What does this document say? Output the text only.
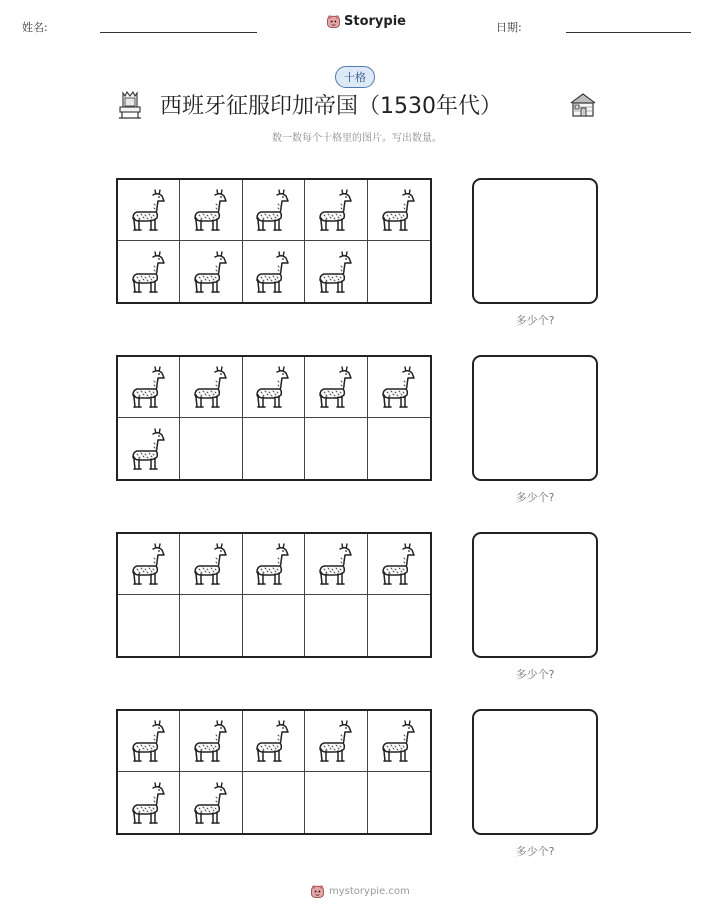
姓名:	Storypie	日期:
十格
西班牙征服印加帝国（1530年代）
数一数每个十格里的图片。写出数量。
多少个?
多少个?
多少个?
多少个?
mystorypie.com
